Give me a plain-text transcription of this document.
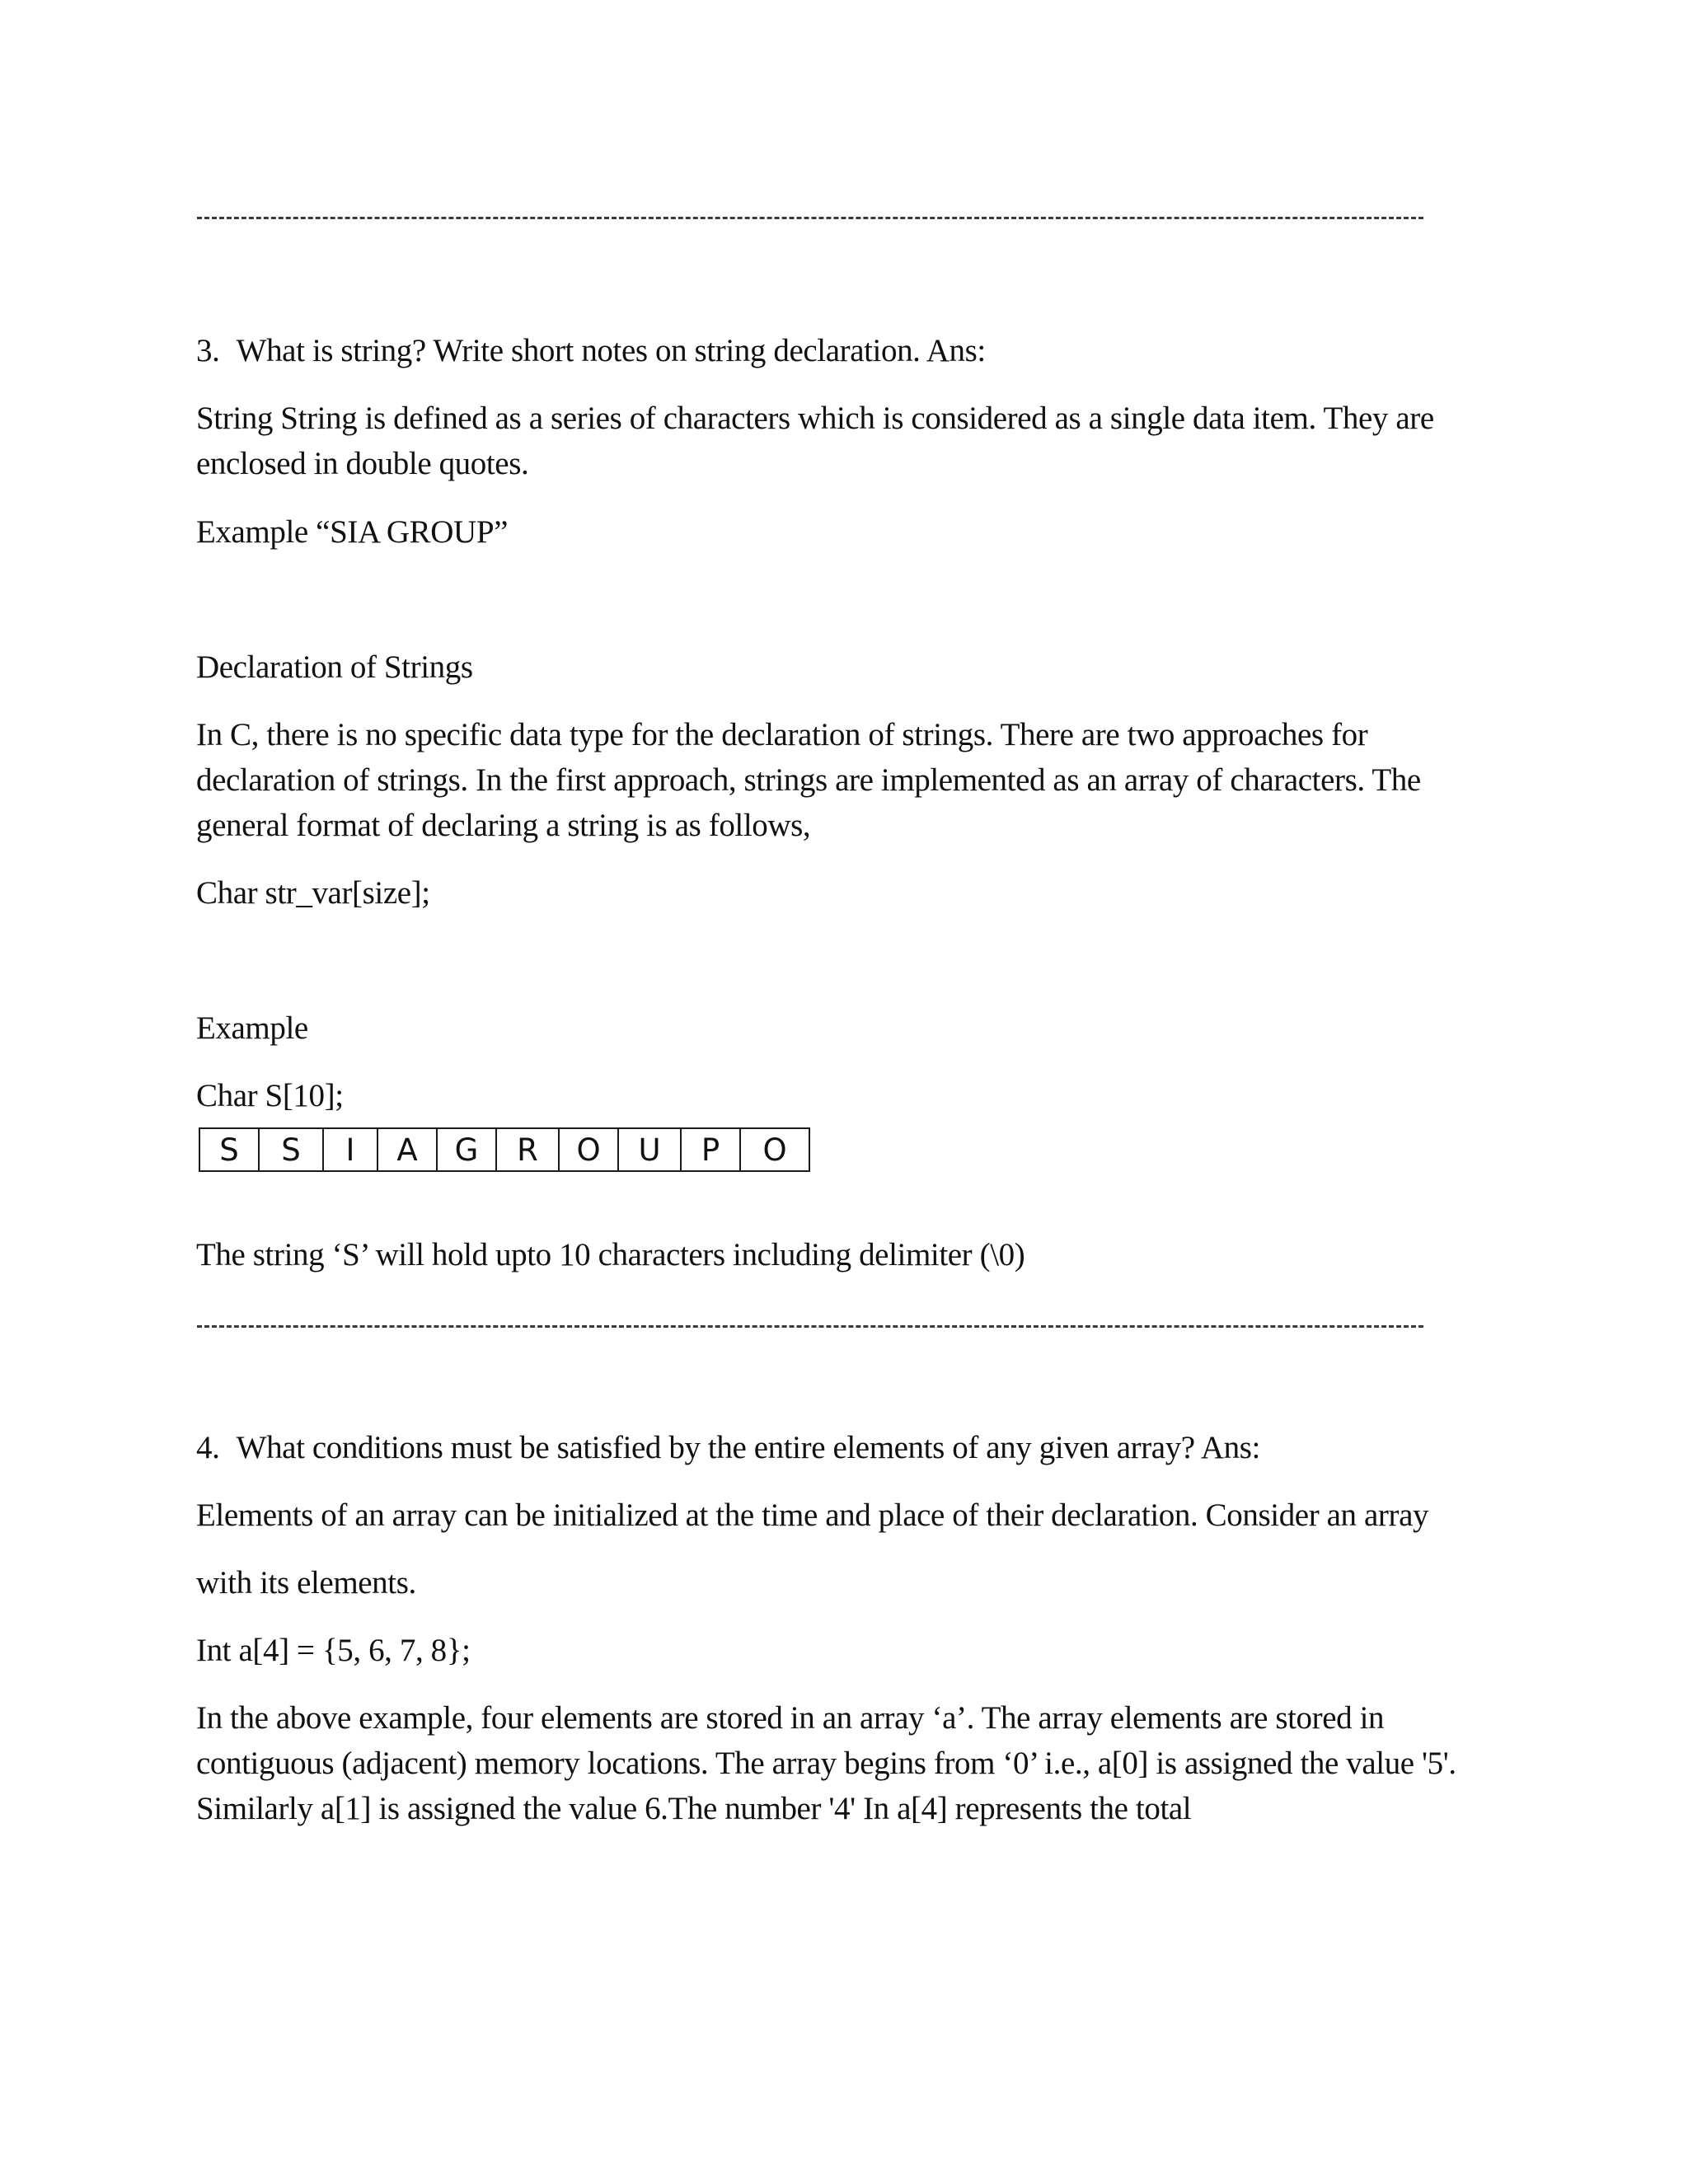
3. What is string? Write short notes on string declaration. Ans:
String String is defined as a series of characters which is considered as a single data item. They are enclosed in double quotes.
Example “SIA GROUP”
Declaration of Strings
In C, there is no specific data type for the declaration of strings. There are two approaches for declaration of strings. In the first approach, strings are implemented as an array of characters. The general format of declaring a string is as follows,
Char str_var[size];
Example
Char S[10];
S	S	I	A	G	R	O	U	P	O
The string ‘S’ will hold upto 10 characters including delimiter (\0)
4. What conditions must be satisfied by the entire elements of any given array? Ans:
Elements of an array can be initialized at the time and place of their declaration. Consider an array
with its elements.
Int a[4] = {5, 6, 7, 8};
In the above example, four elements are stored in an array ‘a’. The array elements are stored in contiguous (adjacent) memory locations. The array begins from ‘0’ i.e., a[0] is assigned the value '5'. Similarly a[1] is assigned the value 6.The number '4' In a[4] represents the total
